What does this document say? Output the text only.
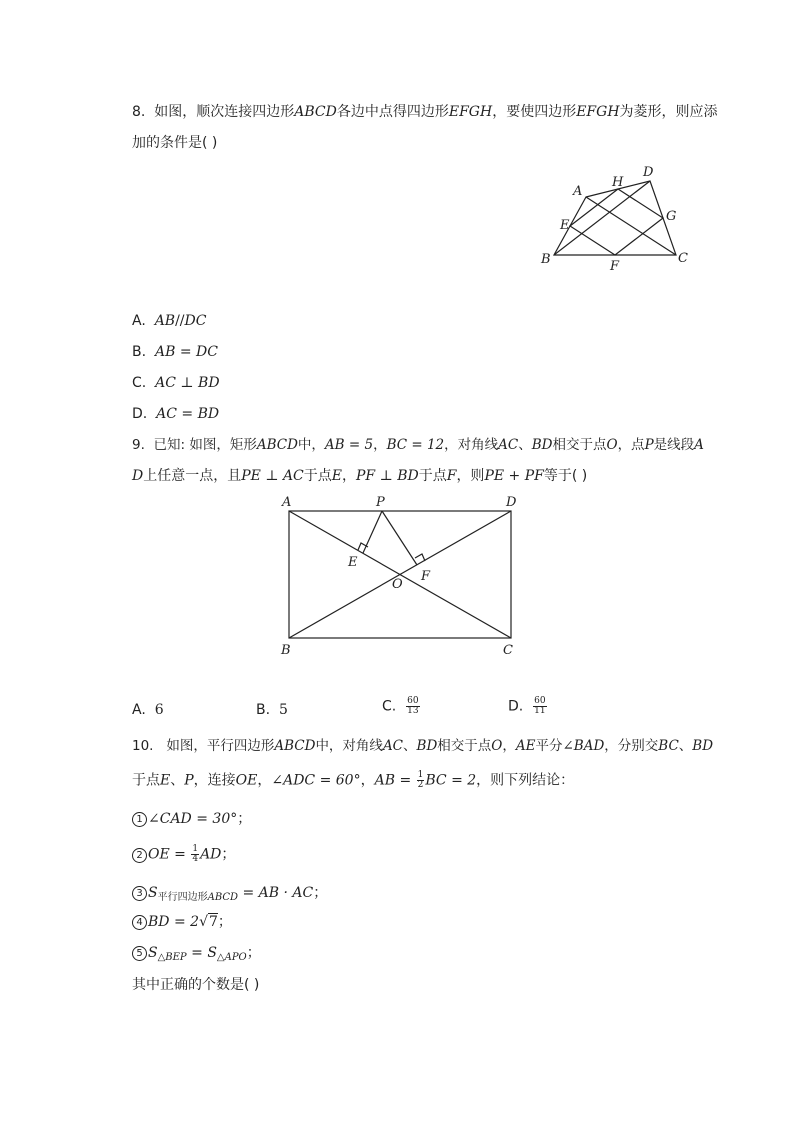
8. 如图，顺次连接四边形ABCD各边中点得四边形EFGH，要使四边形EFGH为菱形，则应添
加的条件是( )
A
H
D
E
G
B	F
C
A. AB//DC
B. AB = DC
C. AC ⊥ BD
D. AC = BD
9. 已知: 如图，矩形ABCD中，AB = 5，BC = 12，对角线AC、BD相交于点O，点P是线段A
D上任意一点，且PE ⊥ AC于点E，PF ⊥ BD于点F，则PE + PF等于( )
A	P	D
E
F
O
B	C
A. 6	B. 5	C. $\frac{60}{13}$	D. $\frac{60}{11}$
10. 如图，平行四边形ABCD中，对角线AC、BD相交于点O，AE平分∠BAD，分别交BC、BD
于点E、P，连接OE，∠ADC = 60°，AB = $\frac{1}{2}$ BC = 2，则下列结论：
1 ∠CAD = 30°；
2 OE = $\frac{1}{4}$ AD；
3 $S_{平行四边形ABCD}$ = AB · AC；
4 BD = 2√7；
5 $S_{\triangle BEP} = S_{\triangle APO}$；
其中正确的个数是( )
